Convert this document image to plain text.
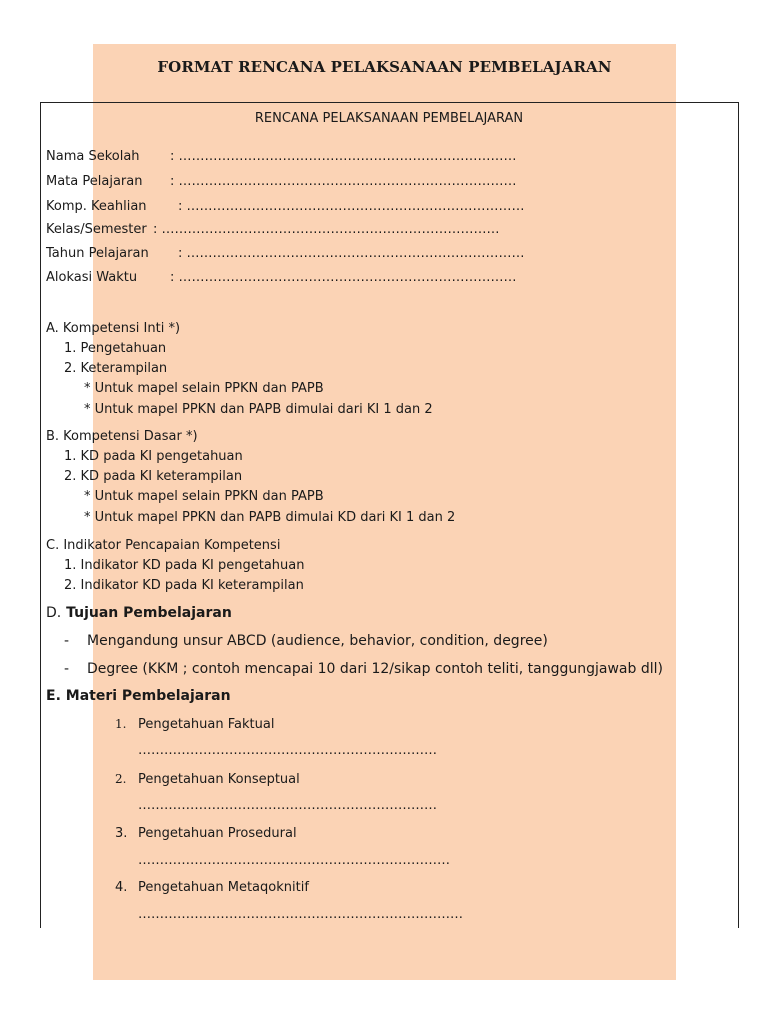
FORMAT RENCANA PELAKSANAAN PEMBELAJARAN
RENCANA PELAKSANAAN PEMBELAJARAN
Nama Sekolah : ……………………………………………………………………
Mata Pelajaran : ……………………………………………………………………
Komp. Keahlian : ……………………………………………………………………
Kelas/Semester : ……………………………………………………………………
Tahun Pelajaran : ……………………………………………………………………
Alokasi Waktu	: ……………………………………………………………………
A. Kompetensi Inti *)
1. Pengetahuan
2. Keterampilan
* Untuk mapel selain PPKN dan PAPB
* Untuk mapel PPKN dan PAPB dimulai dari KI 1 dan 2
B. Kompetensi Dasar *)
1. KD pada KI pengetahuan
2. KD pada KI keterampilan
* Untuk mapel selain PPKN dan PAPB
* Untuk mapel PPKN dan PAPB dimulai KD dari KI 1 dan 2
C. Indikator Pencapaian Kompetensi
1. Indikator KD pada KI pengetahuan
2. Indikator KD pada KI keterampilan
D. Tujuan Pembelajaran
- Mengandung unsur ABCD (audience, behavior, condition, degree)
- Degree (KKM ; contoh mencapai 10 dari 12/sikap contoh teliti, tanggungjawab dll)
E. Materi Pembelajaran
1. Pengetahuan Faktual
……………………………………………………………
2. Pengetahuan Konseptual
……………………………………………………………
3. Pengetahuan Prosedural
………………………………………………………………
4. Pengetahuan Metaqoknitif
…………………………………………………………………
